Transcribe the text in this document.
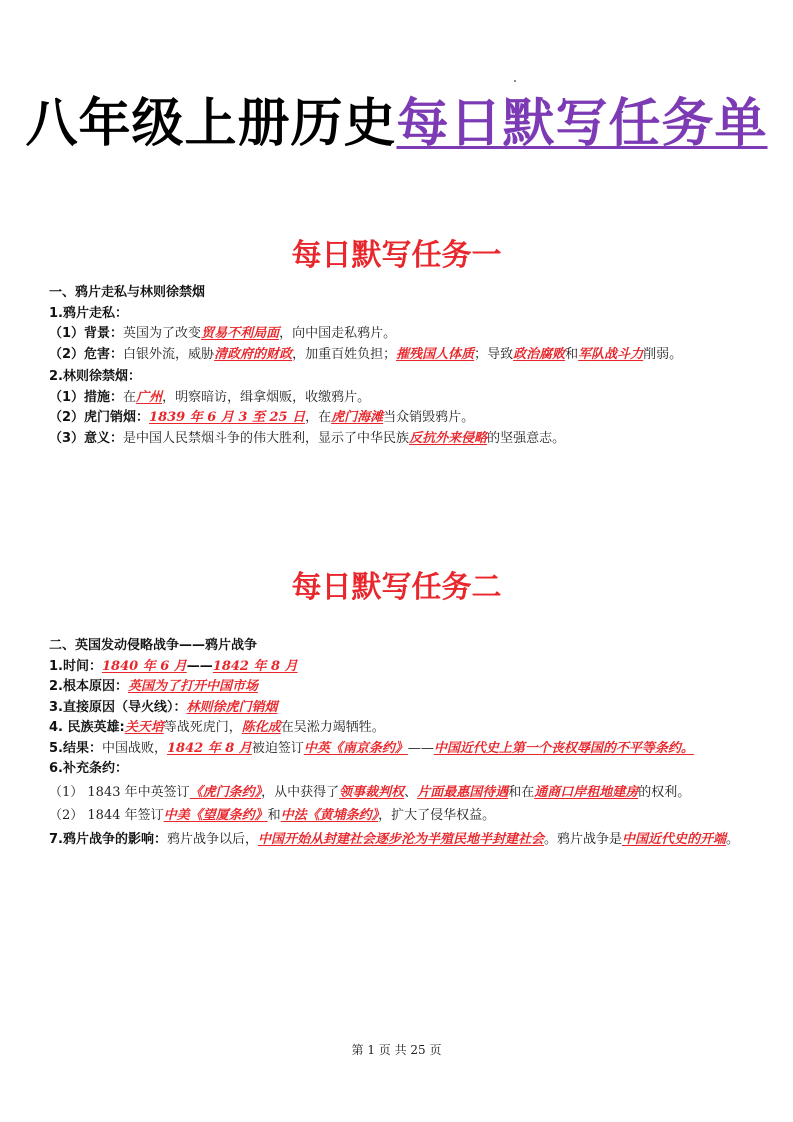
八年级上册历史每日默写任务单
每日默写任务一
一、鸦片走私与林则徐禁烟
1.鸦片走私：
（1）背景：英国为了改变贸易不利局面，向中国走私鸦片。
（2）危害：白银外流，威胁清政府的财政，加重百姓负担；摧残国人体质；导致政治腐败和军队战斗力削弱。
2.林则徐禁烟：
（1）措施：在广州，明察暗访，缉拿烟贩，收缴鸦片。
（2）虎门销烟：1839 年 6 月 3 至 25 日，在虎门海滩当众销毁鸦片。
（3）意义：是中国人民禁烟斗争的伟大胜利，显示了中华民族反抗外来侵略的坚强意志。
每日默写任务二
二、英国发动侵略战争——鸦片战争
1.时间：1840 年 6 月——1842 年 8 月
2.根本原因：英国为了打开中国市场
3.直接原因（导火线）：林则徐虎门销烟
4. 民族英雄:关天培等战死虎门，陈化成在吴淞力竭牺牲。
5.结果：中国战败，1842 年 8 月被迫签订中英《南京条约》——中国近代史上第一个丧权辱国的不平等条约。
6.补充条约：
（1） 1843 年中英签订《虎门条约》，从中获得了领事裁判权、片面最惠国待遇和在通商口岸租地建房的权利。
（2） 1844 年签订中美《望厦条约》和中法《黄埔条约》，扩大了侵华权益。
7.鸦片战争的影响：鸦片战争以后，中国开始从封建社会逐步沦为半殖民地半封建社会。鸦片战争是中国近代史的开端。
第 1 页 共 25 页
